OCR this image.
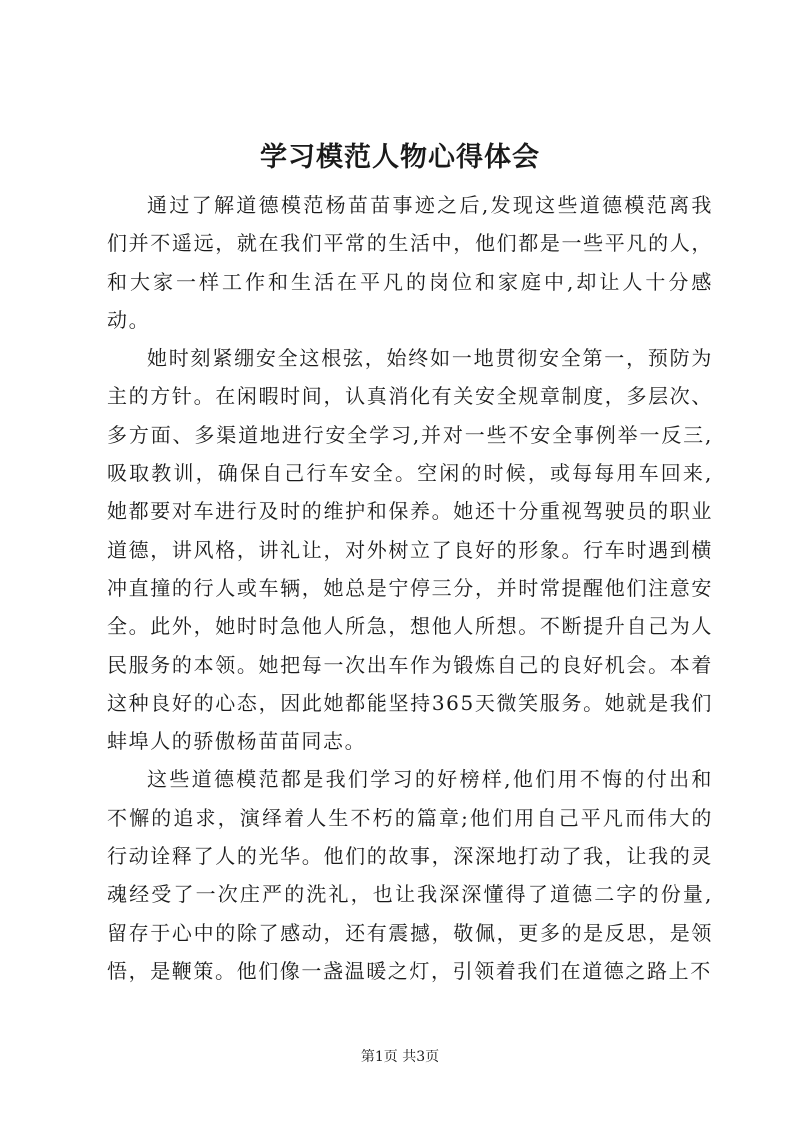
学习模范人物心得体会

通过了解道德模范杨苗苗事迹之后,发现这些道德模范离我们并不遥远，就在我们平常的生活中，他们都是一些平凡的人，和大家一样工作和生活在平凡的岗位和家庭中,却让人十分感动。

她时刻紧绷安全这根弦，始终如一地贯彻安全第一，预防为主的方针。在闲暇时间，认真消化有关安全规章制度，多层次、多方面、多渠道地进行安全学习,并对一些不安全事例举一反三,吸取教训，确保自己行车安全。空闲的时候，或每每用车回来,她都要对车进行及时的维护和保养。她还十分重视驾驶员的职业道德，讲风格，讲礼让，对外树立了良好的形象。行车时遇到横冲直撞的行人或车辆，她总是宁停三分，并时常提醒他们注意安全。此外，她时时急他人所急，想他人所想。不断提升自己为人民服务的本领。她把每一次出车作为锻炼自己的良好机会。本着这种良好的心态，因此她都能坚持365天微笑服务。她就是我们蚌埠人的骄傲杨苗苗同志。

这些道德模范都是我们学习的好榜样,他们用不悔的付出和不懈的追求，演绎着人生不朽的篇章;他们用自己平凡而伟大的行动诠释了人的光华。他们的故事，深深地打动了我，让我的灵魂经受了一次庄严的洗礼，也让我深深懂得了道德二字的份量,留存于心中的除了感动，还有震撼，敬佩，更多的是反思，是领悟，是鞭策。他们像一盏温暖之灯，引领着我们在道德之路上不

第1页 共3页
